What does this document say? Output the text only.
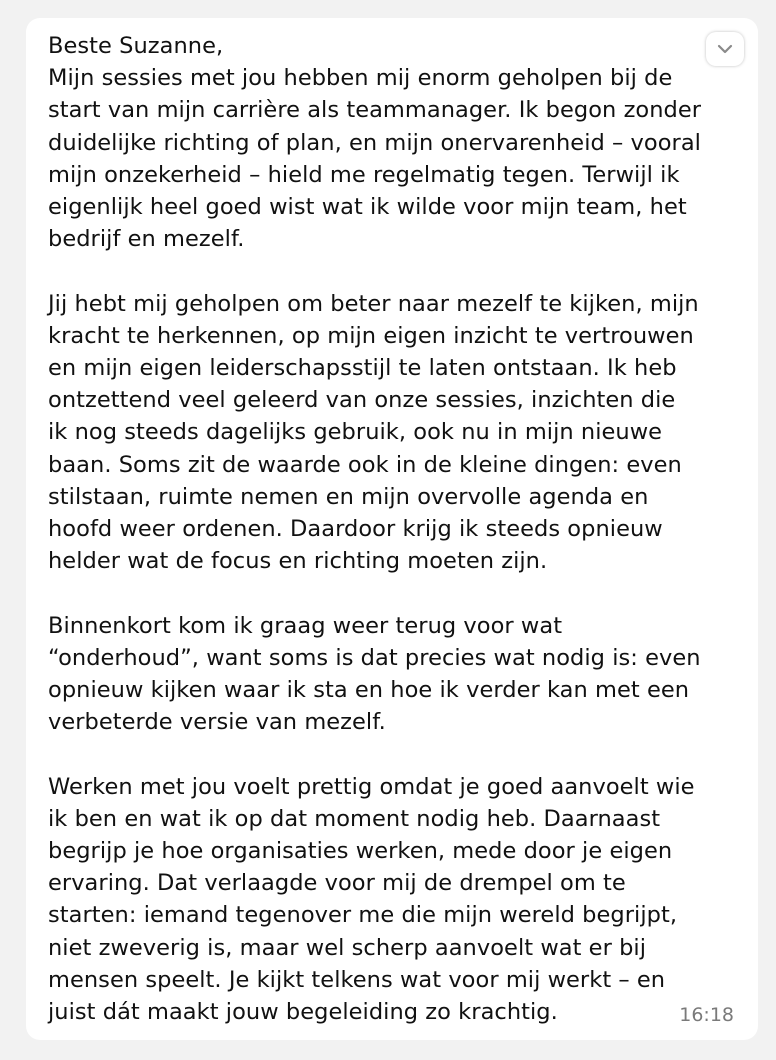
Beste Suzanne,
Mijn sessies met jou hebben mij enorm geholpen bij de
start van mijn carrière als teammanager. Ik begon zonder
duidelijke richting of plan, en mijn onervarenheid – vooral
mijn onzekerheid – hield me regelmatig tegen. Terwijl ik
eigenlijk heel goed wist wat ik wilde voor mijn team, het
bedrijf en mezelf.

Jij hebt mij geholpen om beter naar mezelf te kijken, mijn
kracht te herkennen, op mijn eigen inzicht te vertrouwen
en mijn eigen leiderschapsstijl te laten ontstaan. Ik heb
ontzettend veel geleerd van onze sessies, inzichten die
ik nog steeds dagelijks gebruik, ook nu in mijn nieuwe
baan. Soms zit de waarde ook in de kleine dingen: even
stilstaan, ruimte nemen en mijn overvolle agenda en
hoofd weer ordenen. Daardoor krijg ik steeds opnieuw
helder wat de focus en richting moeten zijn.

Binnenkort kom ik graag weer terug voor wat
“onderhoud”, want soms is dat precies wat nodig is: even
opnieuw kijken waar ik sta en hoe ik verder kan met een
verbeterde versie van mezelf.

Werken met jou voelt prettig omdat je goed aanvoelt wie
ik ben en wat ik op dat moment nodig heb. Daarnaast
begrijp je hoe organisaties werken, mede door je eigen
ervaring. Dat verlaagde voor mij de drempel om te
starten: iemand tegenover me die mijn wereld begrijpt,
niet zweverig is, maar wel scherp aanvoelt wat er bij
mensen speelt. Je kijkt telkens wat voor mij werkt – en
juist dát maakt jouw begeleiding zo krachtig.	16:18
